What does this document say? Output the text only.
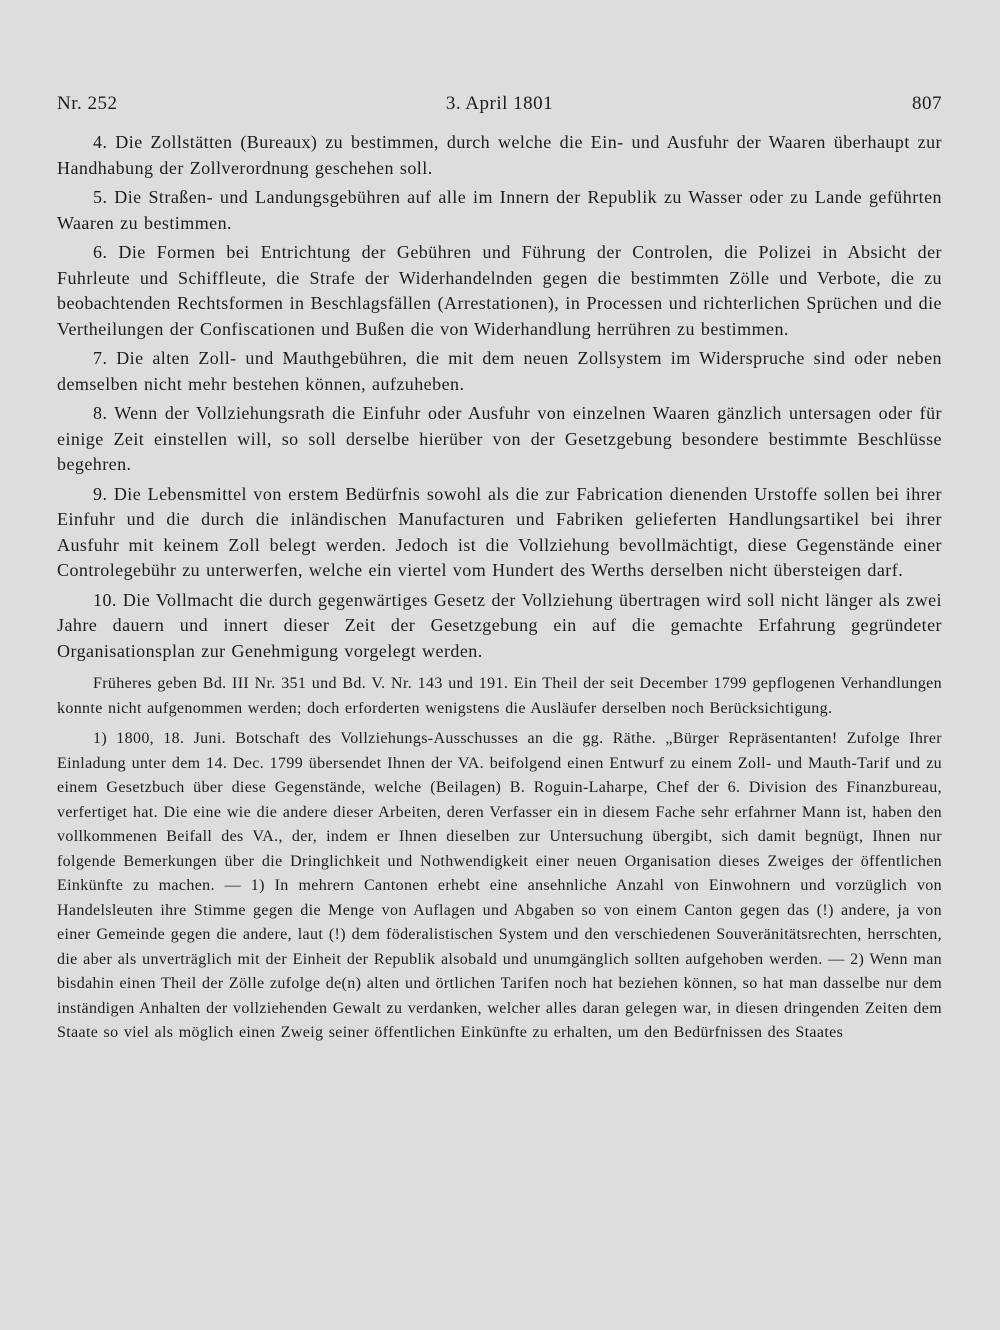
Nr. 252	3. April 1801	807

4. Die Zollstätten (Bureaux) zu bestimmen, durch welche die Ein- und Ausfuhr der Waaren überhaupt zur Handhabung der Zollverordnung geschehen soll.

5. Die Straßen- und Landungsgebühren auf alle im Innern der Republik zu Wasser oder zu Lande geführten Waaren zu bestimmen.

6. Die Formen bei Entrichtung der Gebühren und Führung der Controlen, die Polizei in Absicht der Fuhrleute und Schiffleute, die Strafe der Widerhandelnden gegen die bestimmten Zölle und Verbote, die zu beobachtenden Rechtsformen in Beschlagsfällen (Arrestationen), in Processen und richterlichen Sprüchen und die Vertheilungen der Confiscationen und Bußen die von Widerhandlung herrühren zu bestimmen.

7. Die alten Zoll- und Mauthgebühren, die mit dem neuen Zollsystem im Widerspruche sind oder neben demselben nicht mehr bestehen können, aufzuheben.

8. Wenn der Vollziehungsrath die Einfuhr oder Ausfuhr von einzelnen Waaren gänzlich untersagen oder für einige Zeit einstellen will, so soll derselbe hierüber von der Gesetzgebung besondere bestimmte Beschlüsse begehren.

9. Die Lebensmittel von erstem Bedürfnis sowohl als die zur Fabrication dienenden Urstoffe sollen bei ihrer Einfuhr und die durch die inländischen Manufacturen und Fabriken gelieferten Handlungsartikel bei ihrer Ausfuhr mit keinem Zoll belegt werden. Jedoch ist die Vollziehung bevollmächtigt, diese Gegenstände einer Controlegebühr zu unterwerfen, welche ein viertel vom Hundert des Werths derselben nicht übersteigen darf.

10. Die Vollmacht die durch gegenwärtiges Gesetz der Vollziehung übertragen wird soll nicht länger als zwei Jahre dauern und innert dieser Zeit der Gesetzgebung ein auf die gemachte Erfahrung gegründeter Organisationsplan zur Genehmigung vorgelegt werden.

Früheres geben Bd. III Nr. 351 und Bd. V. Nr. 143 und 191. Ein Theil der seit December 1799 gepflogenen Verhandlungen konnte nicht aufgenommen werden; doch erforderten wenigstens die Ausläufer derselben noch Berücksichtigung.

1) 1800, 18. Juni. Botschaft des Vollziehungs-Ausschusses an die gg. Räthe. „Bürger Repräsentanten! Zufolge Ihrer Einladung unter dem 14. Dec. 1799 übersendet Ihnen der VA. beifolgend einen Entwurf zu einem Zoll- und Mauth-Tarif und zu einem Gesetzbuch über diese Gegenstände, welche (Beilagen) B. Roguin-Laharpe, Chef der 6. Division des Finanzbureau, verfertiget hat. Die eine wie die andere dieser Arbeiten, deren Verfasser ein in diesem Fache sehr erfahrner Mann ist, haben den vollkommenen Beifall des VA., der, indem er Ihnen dieselben zur Untersuchung übergibt, sich damit begnügt, Ihnen nur folgende Bemerkungen über die Dringlichkeit und Nothwendigkeit einer neuen Organisation dieses Zweiges der öffentlichen Einkünfte zu machen. — 1) In mehrern Cantonen erhebt eine ansehnliche Anzahl von Einwohnern und vorzüglich von Handelsleuten ihre Stimme gegen die Menge von Auflagen und Abgaben so von einem Canton gegen das (!) andere, ja von einer Gemeinde gegen die andere, laut (!) dem föderalistischen System und den verschiedenen Souveränitätsrechten, herrschten, die aber als unverträglich mit der Einheit der Republik alsobald und unumgänglich sollten aufgehoben werden. — 2) Wenn man bisdahin einen Theil der Zölle zufolge de(n) alten und örtlichen Tarifen noch hat beziehen können, so hat man dasselbe nur dem inständigen Anhalten der vollziehenden Gewalt zu verdanken, welcher alles daran gelegen war, in diesen dringenden Zeiten dem Staate so viel als möglich einen Zweig seiner öffentlichen Einkünfte zu erhalten, um den Bedürfnissen des Staates
